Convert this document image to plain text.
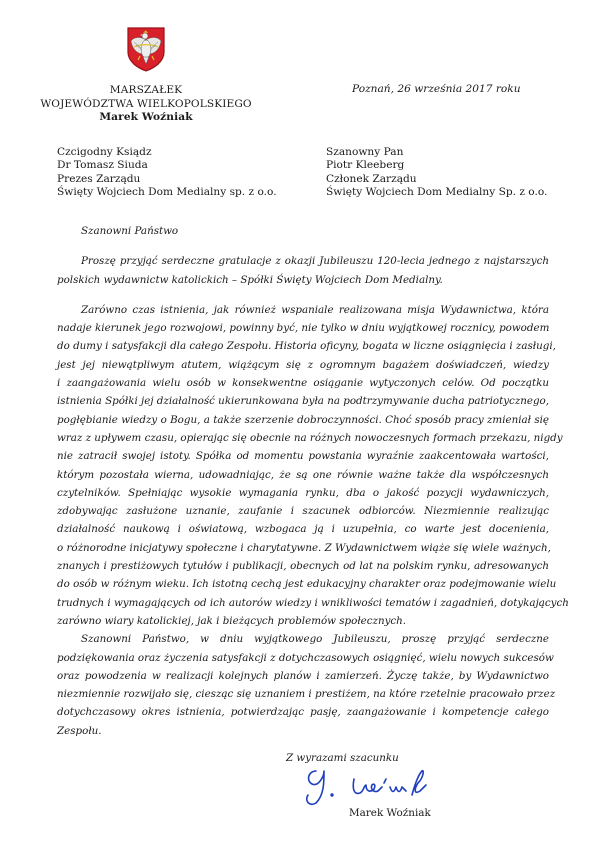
MARSZAŁEK
WOJEWÓDZTWA WIELKOPOLSKIEGO
Marek Woźniak
Poznań, 26 września 2017 roku
Czcigodny Ksiądz
Dr Tomasz Siuda
Prezes Zarządu
Święty Wojciech Dom Medialny sp. z o.o.
Szanowny Pan
Piotr Kleeberg
Członek Zarządu
Święty Wojciech Dom Medialny Sp. z o.o.
Szanowni Państwo
Proszę przyjąć serdeczne gratulacje z okazji Jubileuszu 120-lecia jednego z najstarszych
polskich wydawnictw katolickich – Spółki Święty Wojciech Dom Medialny.
Zarówno czas istnienia, jak również wspaniale realizowana misja Wydawnictwa, która
nadaje kierunek jego rozwojowi, powinny być, nie tylko w dniu wyjątkowej rocznicy, powodem
do dumy i satysfakcji dla całego Zespołu. Historia oficyny, bogata w liczne osiągnięcia i zasługi,
jest jej niewątpliwym atutem, wiążącym się z ogromnym bagażem doświadczeń, wiedzy
i zaangażowania wielu osób w konsekwentne osiąganie wytyczonych celów. Od początku
istnienia Spółki jej działalność ukierunkowana była na podtrzymywanie ducha patriotycznego,
pogłębianie wiedzy o Bogu, a także szerzenie dobroczynności. Choć sposób pracy zmieniał się
wraz z upływem czasu, opierając się obecnie na różnych nowoczesnych formach przekazu, nigdy
nie zatracił swojej istoty. Spółka od momentu powstania wyraźnie zaakcentowała wartości,
którym pozostała wierna, udowadniając, że są one równie ważne także dla współczesnych
czytelników. Spełniając wysokie wymagania rynku, dba o jakość pozycji wydawniczych,
zdobywając zasłużone uznanie, zaufanie i szacunek odbiorców. Niezmiennie realizując
działalność naukową i oświatową, wzbogaca ją i uzupełnia, co warte jest docenienia,
o różnorodne inicjatywy społeczne i charytatywne. Z Wydawnictwem wiąże się wiele ważnych,
znanych i prestiżowych tytułów i publikacji, obecnych od lat na polskim rynku, adresowanych
do osób w różnym wieku. Ich istotną cechą jest edukacyjny charakter oraz podejmowanie wielu
trudnych i wymagających od ich autorów wiedzy i wnikliwości tematów i zagadnień, dotykających
zarówno wiary katolickiej, jak i bieżących problemów społecznych.
Szanowni Państwo, w dniu wyjątkowego Jubileuszu, proszę przyjąć serdeczne
podziękowania oraz życzenia satysfakcji z dotychczasowych osiągnięć, wielu nowych sukcesów
oraz powodzenia w realizacji kolejnych planów i zamierzeń. Życzę także, by Wydawnictwo
niezmiennie rozwijało się, ciesząc się uznaniem i prestiżem, na które rzetelnie pracowało przez
dotychczasowy okres istnienia, potwierdzając pasję, zaangażowanie i kompetencje całego
Zespołu.
Z wyrazami szacunku
Marek Woźniak
